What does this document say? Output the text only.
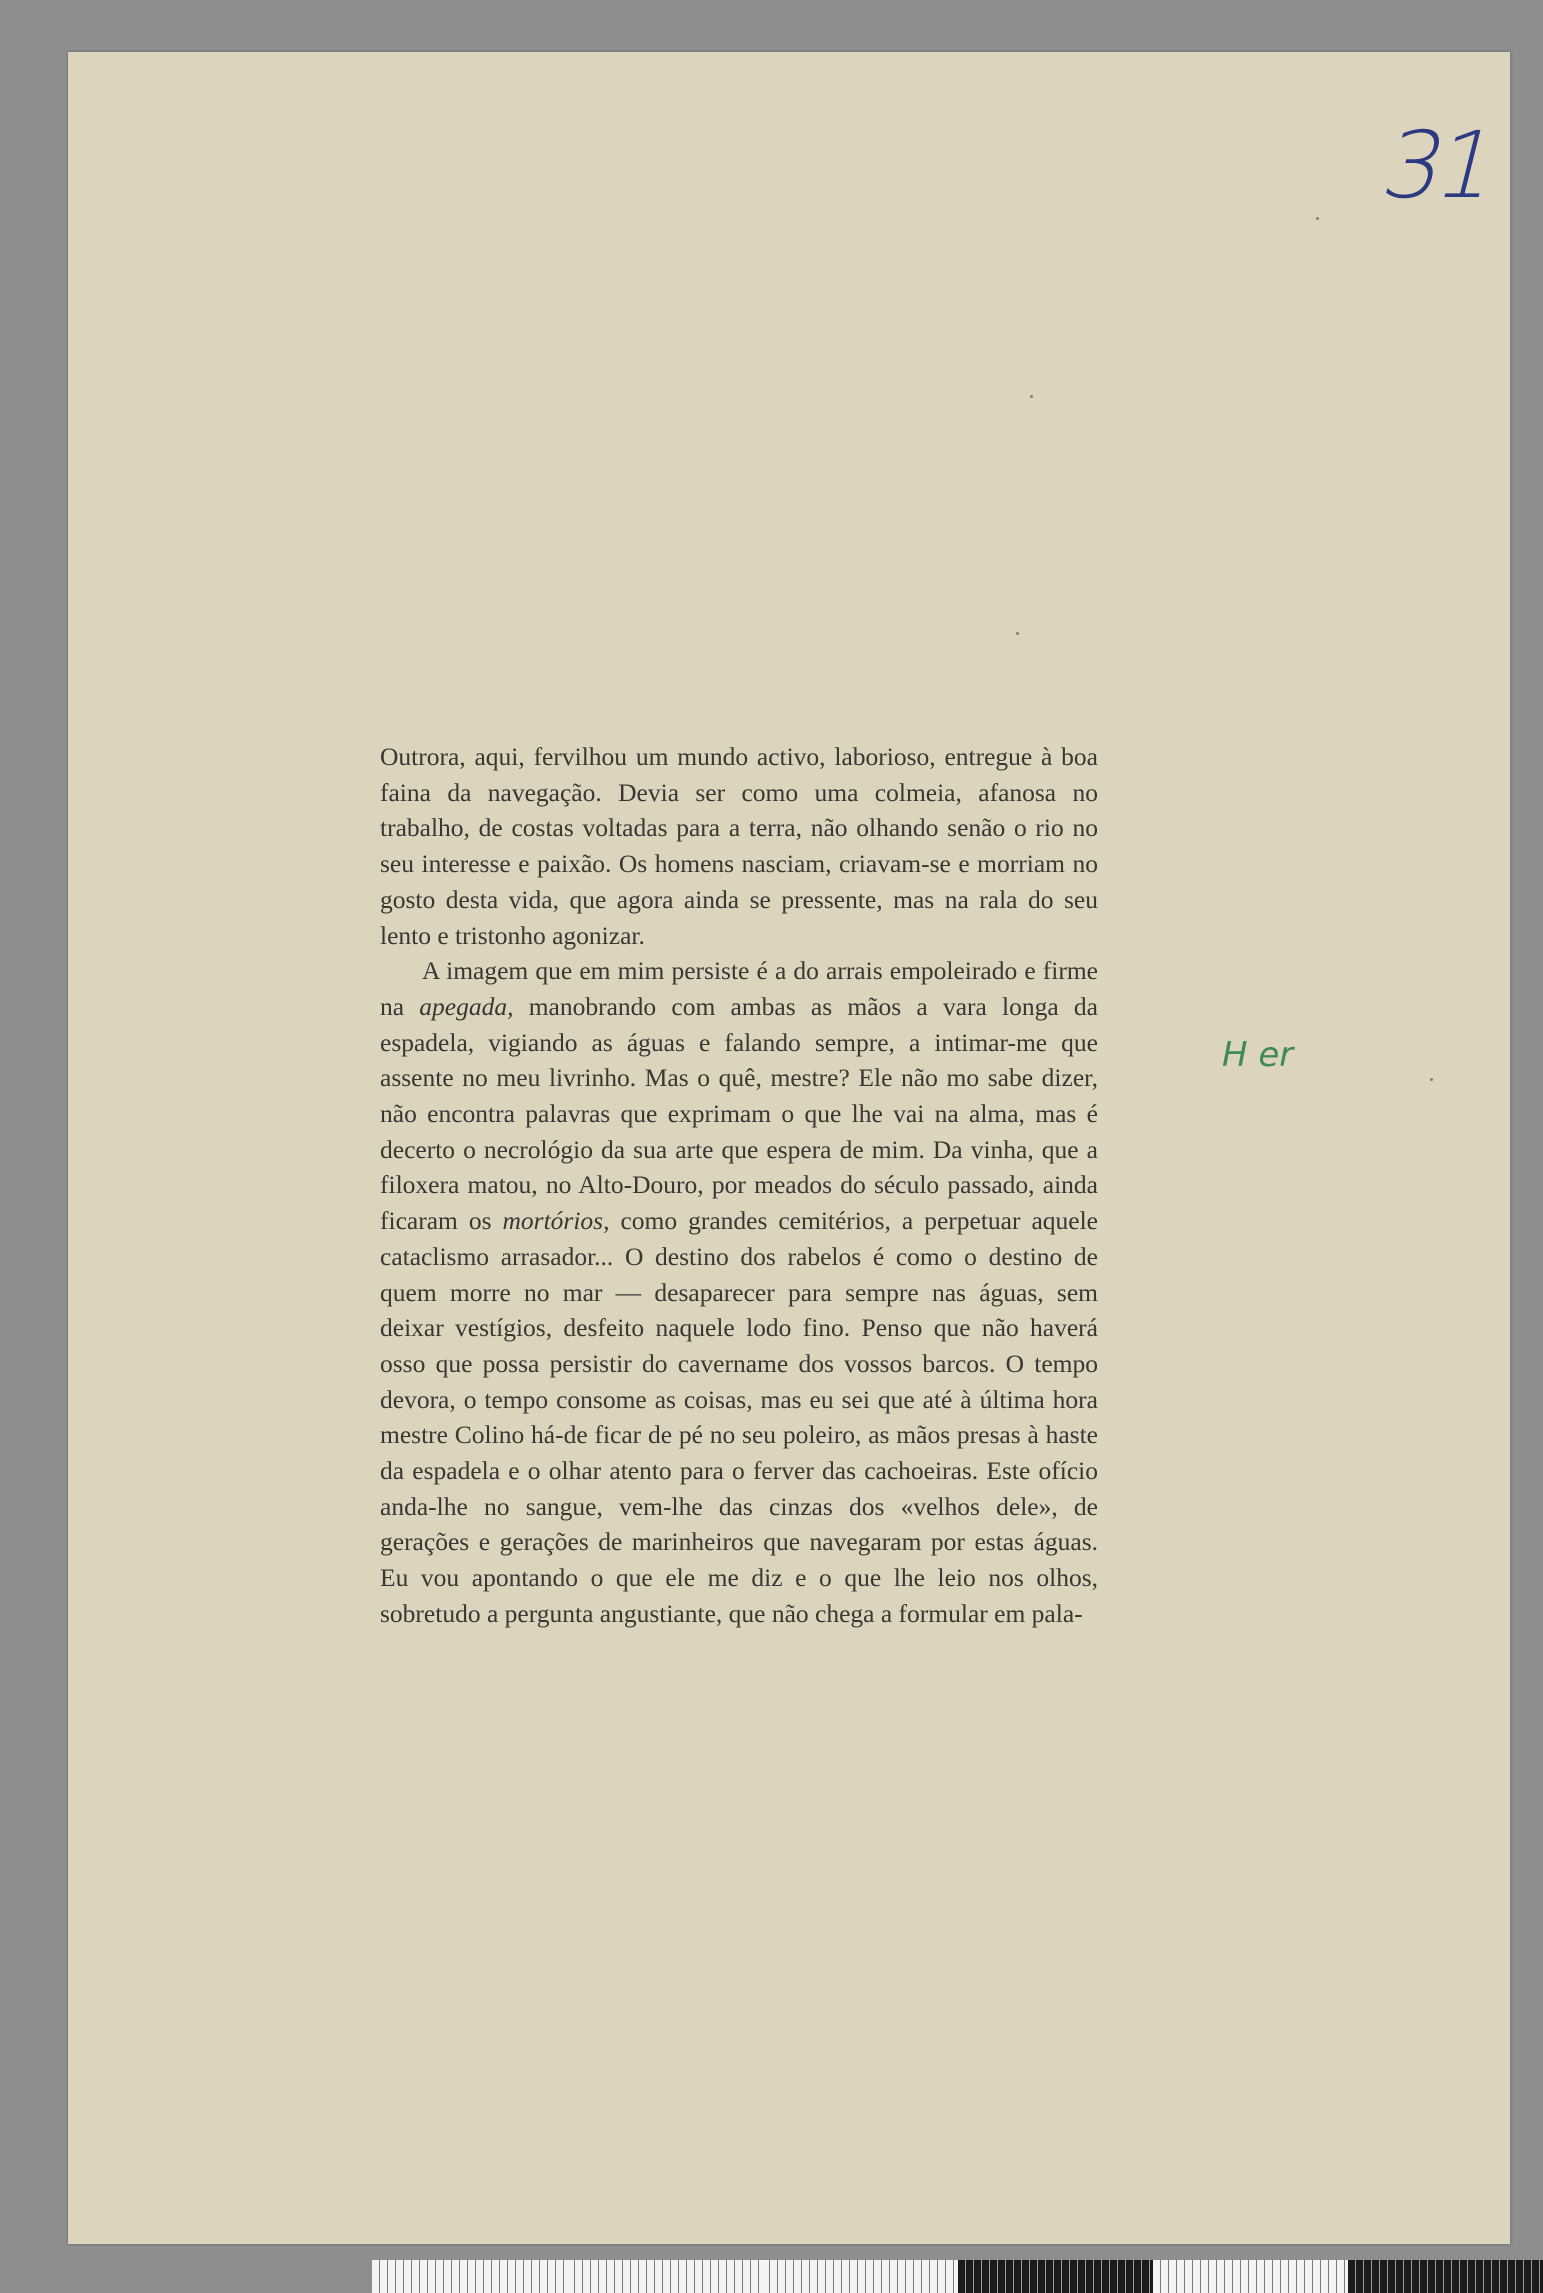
31
H er

Outrora, aqui, fervilhou um mundo activo, laborioso, entregue à boa faina da navegação. Devia ser como uma colmeia, afanosa no trabalho, de costas voltadas para a terra, não olhando senão o rio no seu interesse e paixão. Os homens nasciam, criavam-se e morriam no gosto desta vida, que agora ainda se pressente, mas na rala do seu lento e tristonho agonizar.

A imagem que em mim persiste é a do arrais empoleirado e firme na apegada, manobrando com ambas as mãos a vara longa da espadela, vigiando as águas e falando sempre, a intimar-me que assente no meu livrinho. Mas o quê, mestre? Ele não mo sabe dizer, não encontra palavras que exprimam o que lhe vai na alma, mas é decerto o necrológio da sua arte que espera de mim. Da vinha, que a filoxera matou, no Alto-Douro, por meados do século passado, ainda ficaram os mortórios, como grandes cemitérios, a perpetuar aquele cataclismo arrasador... O destino dos rabelos é como o destino de quem morre no mar — desaparecer para sempre nas águas, sem deixar vestígios, desfeito naquele lodo fino. Penso que não haverá osso que possa persistir do cavername dos vossos barcos. O tempo devora, o tempo consome as coisas, mas eu sei que até à última hora mestre Colino há-de ficar de pé no seu poleiro, as mãos presas à haste da espadela e o olhar atento para o ferver das cachoeiras. Este ofício anda-lhe no sangue, vem-lhe das cinzas dos «velhos dele», de gerações e gerações de marinheiros que navegaram por estas águas. Eu vou apontando o que ele me diz e o que lhe leio nos olhos, sobretudo a pergunta angustiante, que não chega a formular em pala-
